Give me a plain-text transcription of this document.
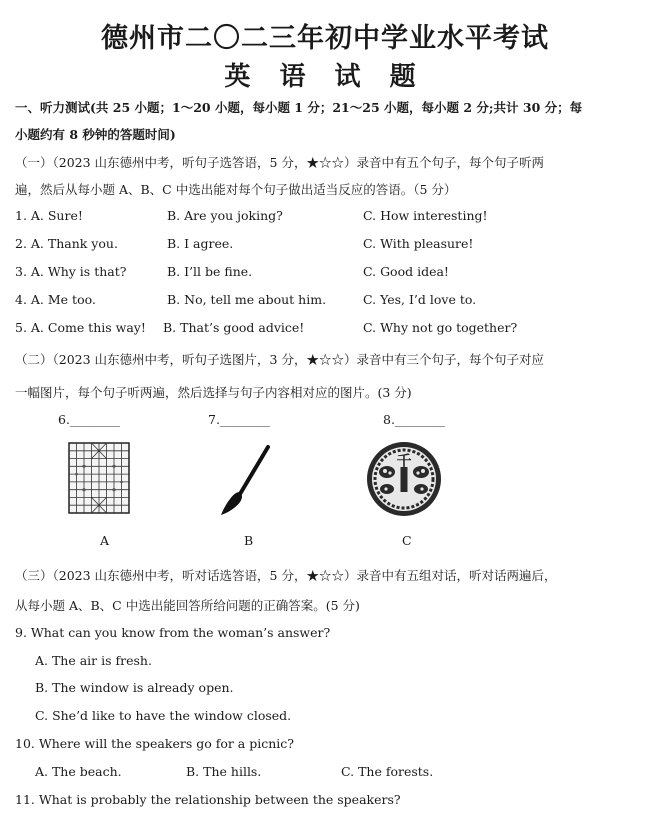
德州市二〇二三年初中学业水平考试
英 语 试 题
一、听力测试(共 25 小题；1～20 小题，每小题 1 分；21～25 小题，每小题 2 分;共计 30 分；每
小题约有 8 秒钟的答题时间)
（一）（2023 山东德州中考，听句子选答语，5 分，★☆☆）录音中有五个句子，每个句子听两
遍，然后从每小题 A、B、C 中选出能对每个句子做出适当反应的答语。（5 分）
1. A. Sure!	B. Are you joking?	C. How interesting!
2. A. Thank you.	B. I agree.	C. With pleasure!
3. A. Why is that?	B. I’ll be fine.	C. Good idea!
4. A. Me too.	B. No, tell me about him.	C. Yes, I’d love to.
5. A. Come this way! B. That’s good advice!	C. Why not go together?
（二）（2023 山东德州中考，听句子选图片，3 分，★☆☆）录音中有三个句子，每个句子对应
一幅图片，每个句子听两遍，然后选择与句子内容相对应的图片。(3 分)
6.________	7.________	8.________
千
A	B	C
（三）（2023 山东德州中考，听对话选答语，5 分，★☆☆）录音中有五组对话，听对话两遍后，
从每小题 A、B、C 中选出能回答所给问题的正确答案。(5 分)
9. What can you know from the woman’s answer?
A. The air is fresh.
B. The window is already open.
C. She’d like to have the window closed.
10. Where will the speakers go for a picnic?
A. The beach.	B. The hills.	C. The forests.
11. What is probably the relationship between the speakers?
